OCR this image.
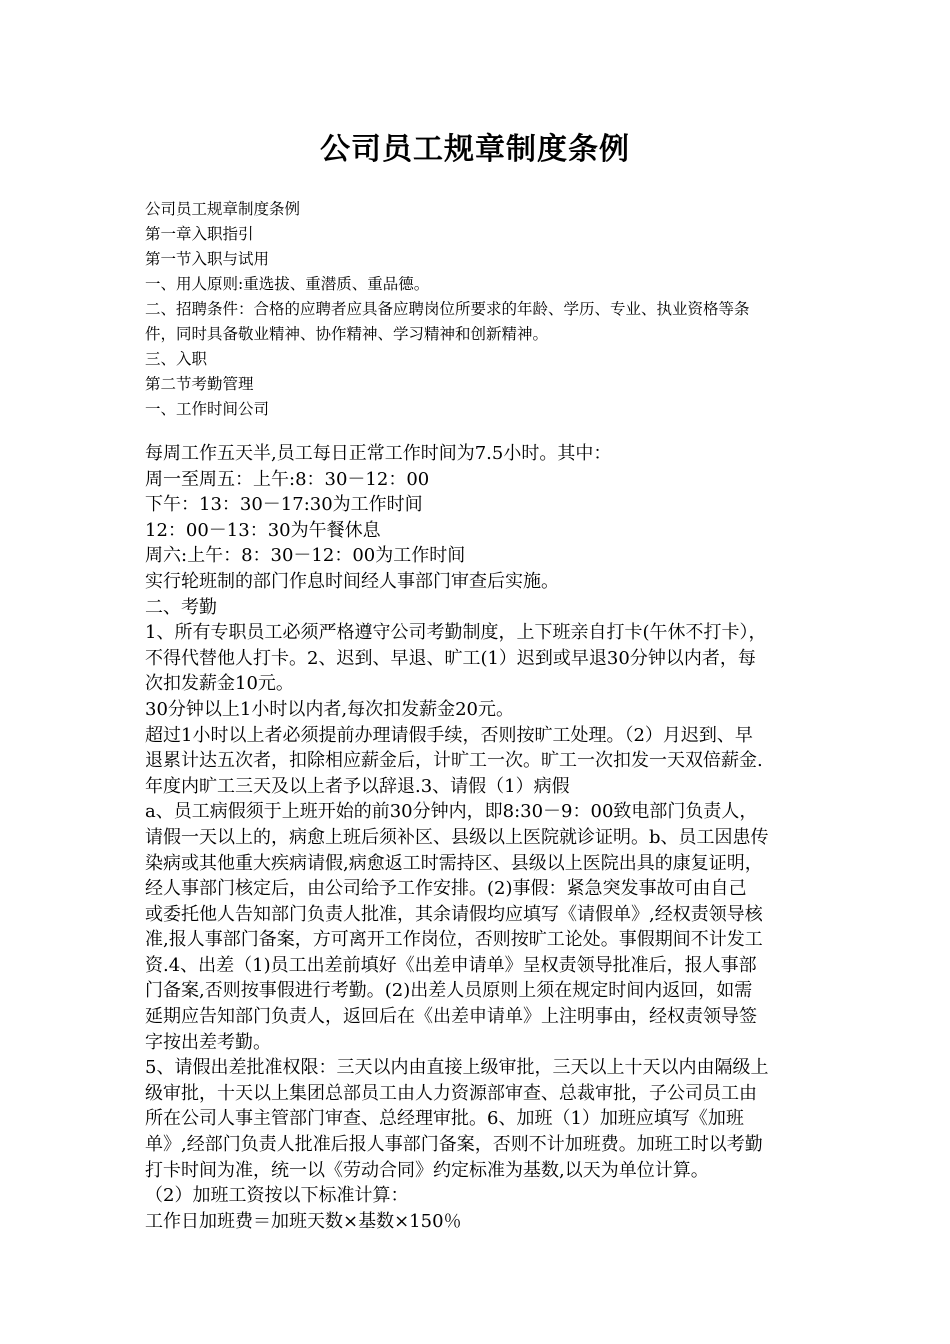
公司员工规章制度条例
公司员工规章制度条例
第一章入职指引
第一节入职与试用
一、用人原则:重选拔、重潜质、重品德。
二、招聘条件：合格的应聘者应具备应聘岗位所要求的年龄、学历、专业、执业资格等条
件，同时具备敬业精神、协作精神、学习精神和创新精神。
三、入职
第二节考勤管理
一、工作时间公司
每周工作五天半,员工每日正常工作时间为7.5小时。其中：
周一至周五：上午:8：30－12：00
下午：13：30－17:30为工作时间
12：00－13：30为午餐休息
周六:上午：8：30－12：00为工作时间
实行轮班制的部门作息时间经人事部门审查后实施。
二、考勤
1、所有专职员工必须严格遵守公司考勤制度，上下班亲自打卡(午休不打卡），
不得代替他人打卡。2、迟到、早退、旷工(1）迟到或早退30分钟以内者，每
次扣发薪金10元。
30分钟以上1小时以内者,每次扣发薪金20元。
超过1小时以上者必须提前办理请假手续，否则按旷工处理。（2）月迟到、早
退累计达五次者，扣除相应薪金后，计旷工一次。旷工一次扣发一天双倍薪金.
年度内旷工三天及以上者予以辞退.3、请假（1）病假
a、员工病假须于上班开始的前30分钟内，即8:30－9：00致电部门负责人，
请假一天以上的，病愈上班后须补区、县级以上医院就诊证明。b、员工因患传
染病或其他重大疾病请假,病愈返工时需持区、县级以上医院出具的康复证明，
经人事部门核定后，由公司给予工作安排。(2)事假：紧急突发事故可由自己
或委托他人告知部门负责人批准，其余请假均应填写《请假单》,经权责领导核
准,报人事部门备案，方可离开工作岗位，否则按旷工论处。事假期间不计发工
资.4、出差（1)员工出差前填好《出差申请单》呈权责领导批准后，报人事部
门备案,否则按事假进行考勤。(2)出差人员原则上须在规定时间内返回，如需
延期应告知部门负责人，返回后在《出差申请单》上注明事由，经权责领导签
字按出差考勤。
5、请假出差批准权限：三天以内由直接上级审批，三天以上十天以内由隔级上
级审批，十天以上集团总部员工由人力资源部审查、总裁审批，子公司员工由
所在公司人事主管部门审查、总经理审批。6、加班（1）加班应填写《加班
单》,经部门负责人批准后报人事部门备案，否则不计加班费。加班工时以考勤
打卡时间为准，统一以《劳动合同》约定标准为基数,以天为单位计算。
（2）加班工资按以下标准计算：
工作日加班费＝加班天数×基数×150％
